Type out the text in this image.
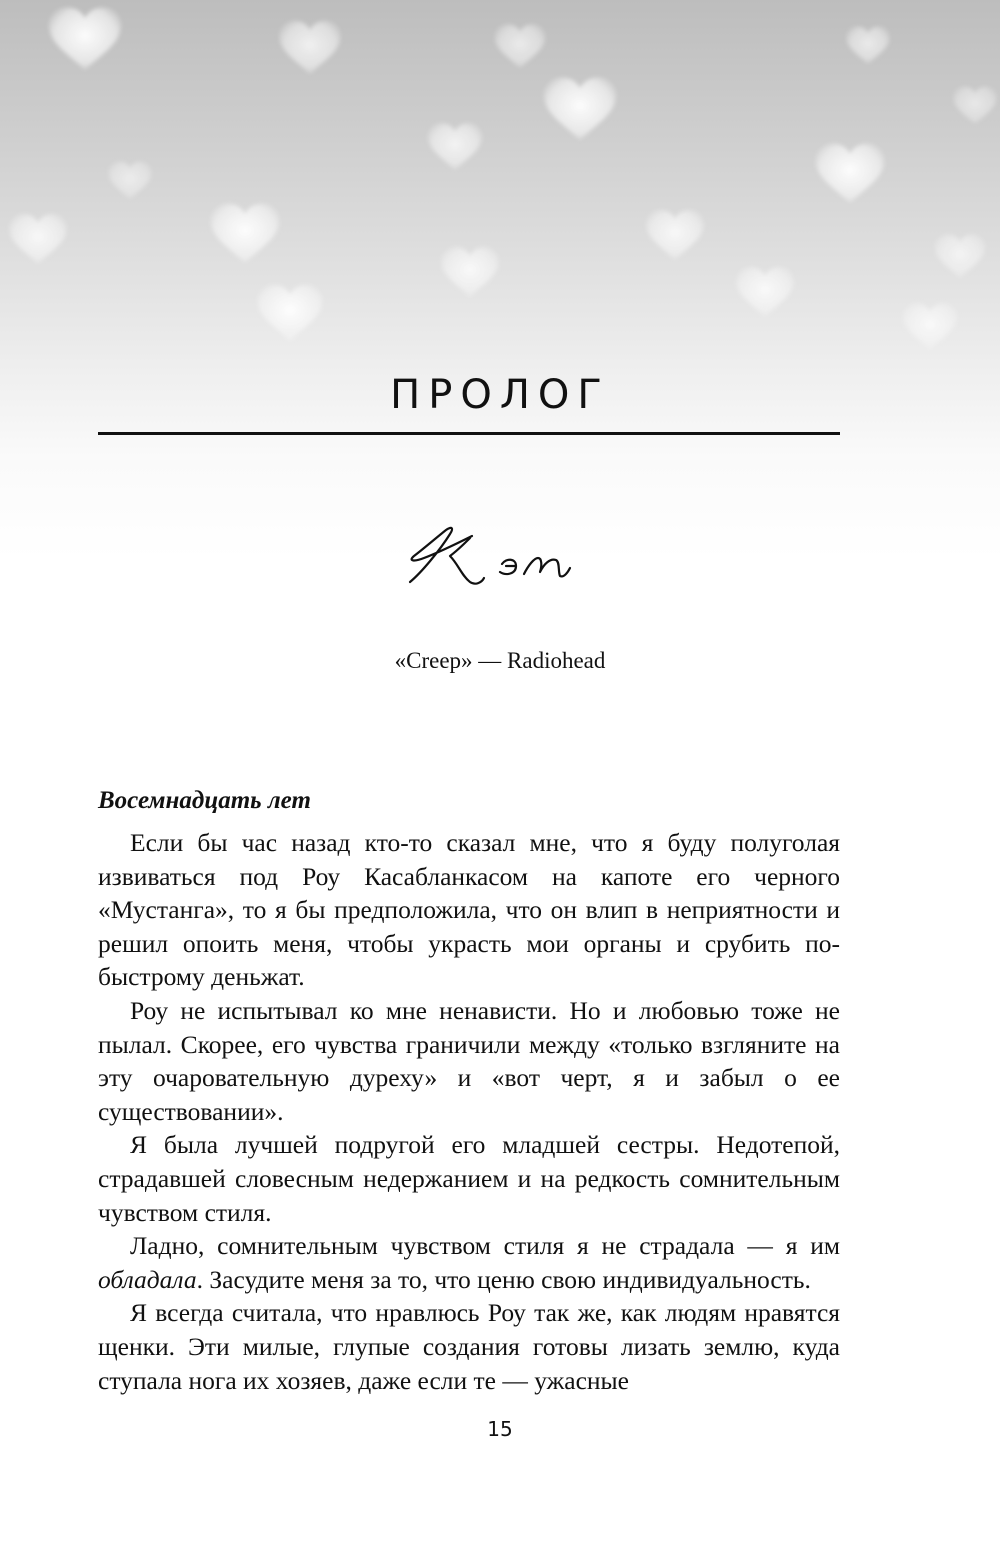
ПРОЛОГ
«Creep» — Radiohead
Восемнадцать лет

Если бы час назад кто-то сказал мне, что я буду полуголая извиваться под Роу Касабланкасом на капоте его черного «Мустанга», то я бы предположила, что он влип в неприятности и решил опоить меня, чтобы украсть мои органы и срубить по-быстрому деньжат.

Роу не испытывал ко мне ненависти. Но и любовью тоже не пылал. Скорее, его чувства граничили между «только взгляните на эту очаровательную дуреху» и «вот черт, я и забыл о ее существовании».

Я была лучшей подругой его младшей сестры. Недотепой, страдавшей словесным недержанием и на редкость сомнительным чувством стиля.

Ладно, сомнительным чувством стиля я не страдала — я им обладала. Засудите меня за то, что ценю свою индивидуальность.

Я всегда считала, что нравлюсь Роу так же, как людям нравятся щенки. Эти милые, глупые создания готовы лизать землю, куда ступала нога их хозяев, даже если те — ужасные

15
